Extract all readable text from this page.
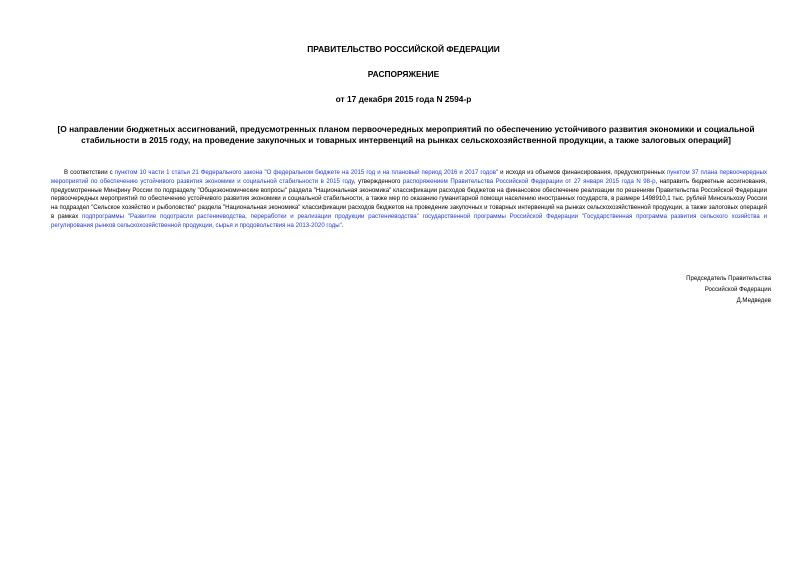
ПРАВИТЕЛЬСТВО РОССИЙСКОЙ ФЕДЕРАЦИИ
РАСПОРЯЖЕНИЕ
от 17 декабря 2015 года N 2594-р
[О направлении бюджетных ассигнований, предусмотренных планом первоочередных мероприятий по обеспечению устойчивого развития экономики и социальной стабильности в 2015 году, на проведение закупочных и товарных интервенций на рынках сельскохозяйственной продукции, а также залоговых операций]

В соответствии с пунктом 10 части 1 статьи 21 Федерального закона "О федеральном бюджете на 2015 год и на плановый период 2016 и 2017 годов" и исходя из объемов финансирования, предусмотренных пунктом 37 плана первоочередных мероприятий по обеспечению устойчивого развития экономики и социальной стабильности в 2015 году, утвержденного распоряжением Правительства Российской Федерации от 27 января 2015 года N 98-р, направить бюджетные ассигнования, предусмотренные Минфину России по подразделу "Общеэкономические вопросы" раздела "Национальная экономика" классификации расходов бюджетов на финансовое обеспечение реализации по решениям Правительства Российской Федерации первоочередных мероприятий по обеспечению устойчивого развития экономики и социальной стабильности, а также мер по оказанию гуманитарной помощи населению иностранных государств, в размере 1498910,1 тыс. рублей Минсельхозу России на подраздел "Сельское хозяйство и рыболовство" раздела "Национальная экономика" классификации расходов бюджетов на проведение закупочных и товарных интервенций на рынках сельскохозяйственной продукции, а также залоговых операций в рамках подпрограммы "Развитие подотрасли растениеводства, переработки и реализации продукции растениеводства" государственной программы Российской Федерации "Государственная программа развития сельского хозяйства и регулирования рынков сельскохозяйственной продукции, сырья и продовольствия на 2013-2020 годы".

Председатель Правительства
Российской Федерации
Д.Медведев
